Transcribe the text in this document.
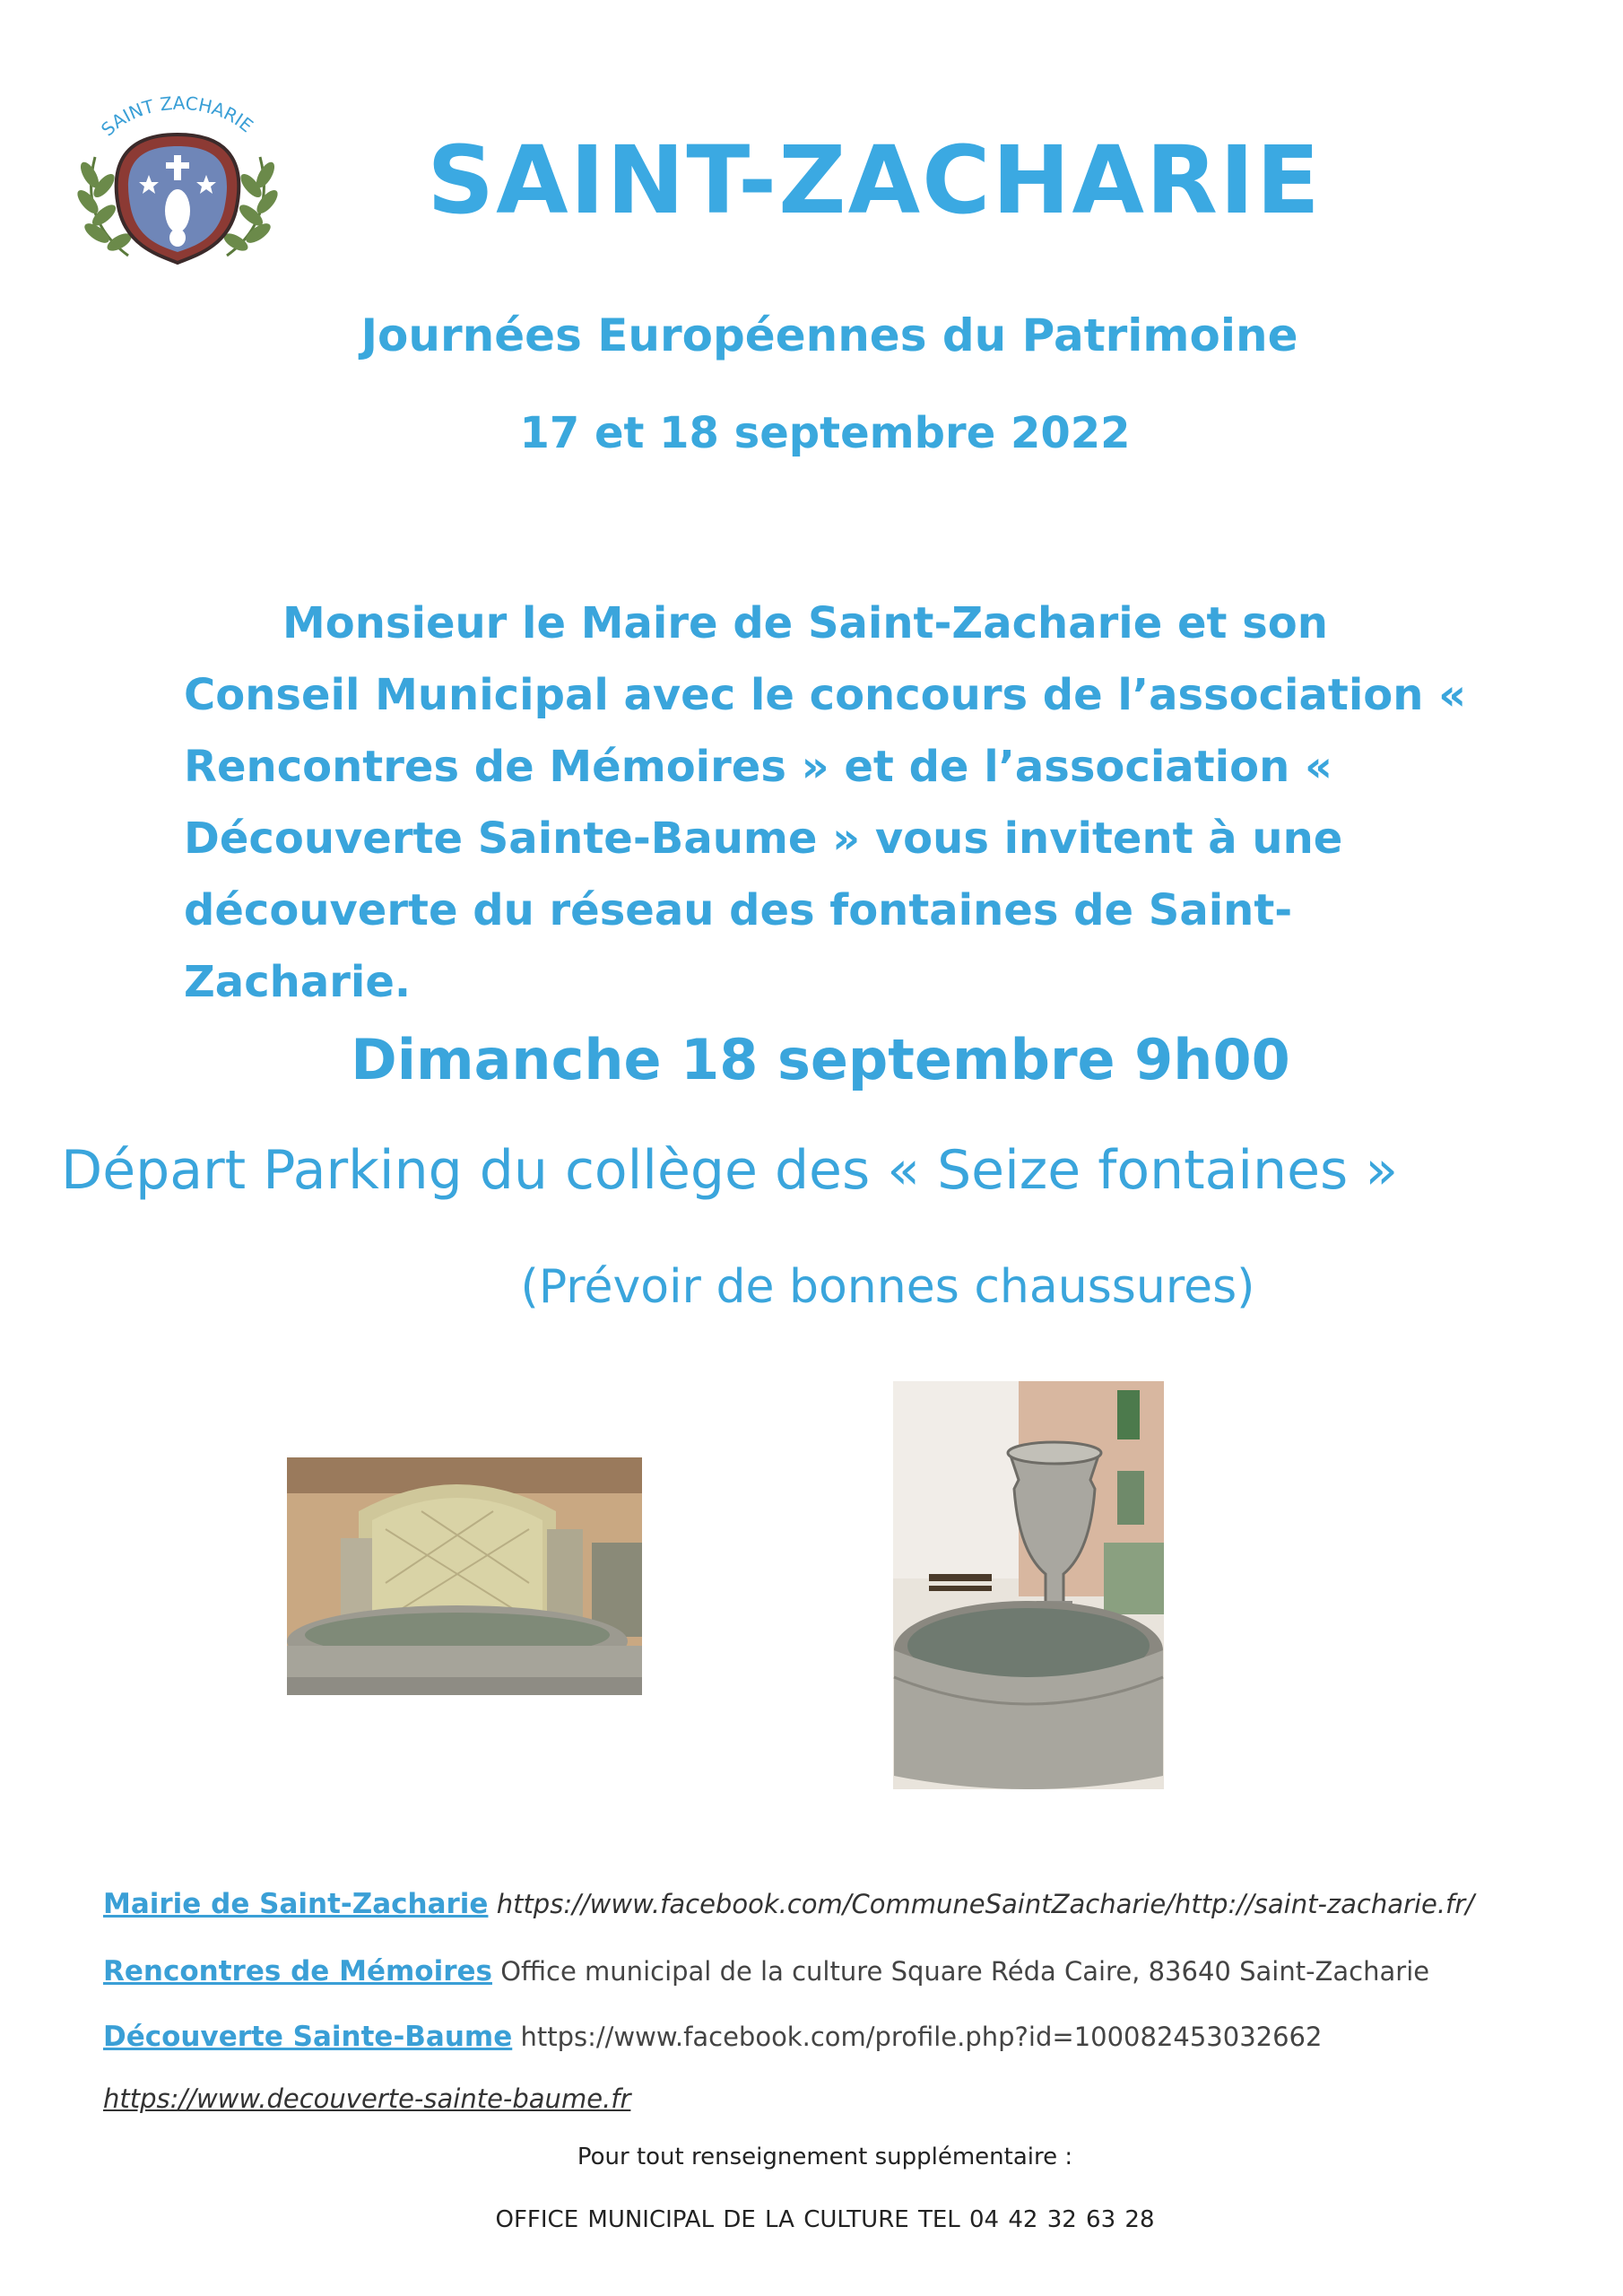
SAINT ZACHARIE
SAINT-ZACHARIE
Journées Européennes du Patrimoine
17 et 18 septembre 2022

Monsieur le Maire de Saint-Zacharie et son Conseil Municipal avec le concours de l’association « Rencontres de Mémoires » et de l’association « Découverte Sainte-Baume » vous invitent à une découverte du réseau des fontaines de Saint-Zacharie.

Dimanche 18 septembre 9h00
Départ Parking du collège des « Seize fontaines »
(Prévoir de bonnes chaussures)
Mairie de Saint-Zacharie https://www.facebook.com/CommuneSaintZacharie/http://saint-zacharie.fr/
Rencontres de Mémoires Office municipal de la culture Square Réda Caire, 83640 Saint-Zacharie
Découverte Sainte-Baume https://www.facebook.com/profile.php?id=100082453032662
https://www.decouverte-sainte-baume.fr
Pour tout renseignement supplémentaire :
OFFICE MUNICIPAL DE LA CULTURE TEL 04 42 32 63 28
